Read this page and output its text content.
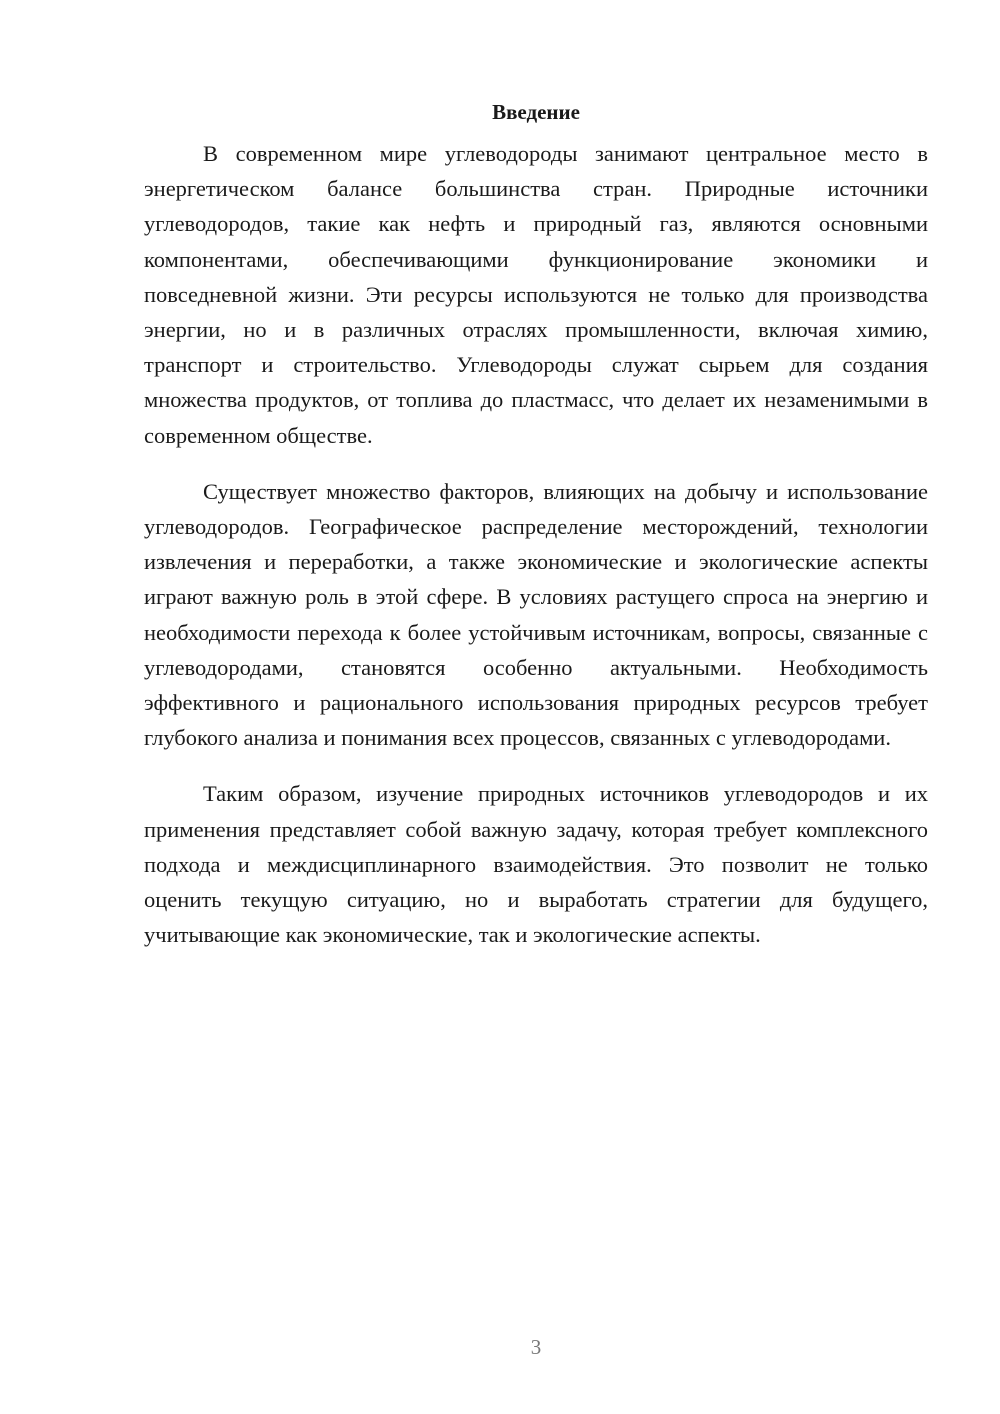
Введение

В современном мире углеводороды занимают центральное место в энергетическом балансе большинства стран. Природные источники углеводородов, такие как нефть и природный газ, являются основными компонентами, обеспечивающими функционирование экономики и повседневной жизни. Эти ресурсы используются не только для производства энергии, но и в различных отраслях промышленности, включая химию, транспорт и строительство. Углеводороды служат сырьем для создания множества продуктов, от топлива до пластмасс, что делает их незаменимыми в современном обществе.

Существует множество факторов, влияющих на добычу и использование углеводородов. Географическое распределение месторождений, технологии извлечения и переработки, а также экономические и экологические аспекты играют важную роль в этой сфере. В условиях растущего спроса на энергию и необходимости перехода к более устойчивым источникам, вопросы, связанные с углеводородами, становятся особенно актуальными. Необходимость эффективного и рационального использования природных ресурсов требует глубокого анализа и понимания всех процессов, связанных с углеводородами.

Таким образом, изучение природных источников углеводородов и их применения представляет собой важную задачу, которая требует комплексного подхода и междисциплинарного взаимодействия. Это позволит не только оценить текущую ситуацию, но и выработать стратегии для будущего, учитывающие как экономические, так и экологические аспекты.

3
